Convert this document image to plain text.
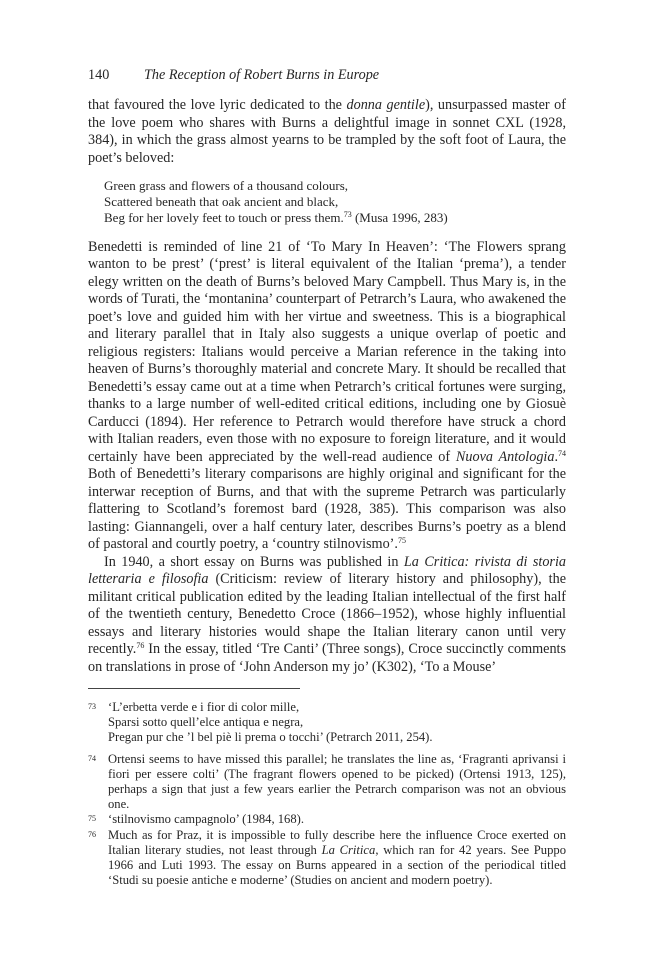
140 The Reception of Robert Burns in Europe

that favoured the love lyric dedicated to the donna gentile), unsurpassed master of the love poem who shares with Burns a delightful image in sonnet CXL (1928, 384), in which the grass almost yearns to be trampled by the soft foot of Laura, the poet’s beloved:

Green grass and flowers of a thousand colours,
Scattered beneath that oak ancient and black,
Beg for her lovely feet to touch or press them.$^{73}$ (Musa 1996, 283)

Benedetti is reminded of line 21 of ‘To Mary In Heaven’: ‘The Flowers sprang wanton to be prest’ (‘prest’ is literal equivalent of the Italian ‘prema’), a tender elegy written on the death of Burns’s beloved Mary Campbell. Thus Mary is, in the words of Turati, the ‘montanina’ counterpart of Petrarch’s Laura, who awakened the poet’s love and guided him with her virtue and sweetness. This is a biographical and literary parallel that in Italy also suggests a unique overlap of poetic and religious registers: Italians would perceive a Marian reference in the taking into heaven of Burns’s thoroughly material and concrete Mary. It should be recalled that Benedetti’s essay came out at a time when Petrarch’s critical fortunes were surging, thanks to a large number of well-edited critical editions, including one by Giosuè Carducci (1894). Her reference to Petrarch would therefore have struck a chord with Italian readers, even those with no exposure to foreign literature, and it would certainly have been appreciated by the well-read audience of Nuova Antologia.$^{74}$ Both of Benedetti’s literary comparisons are highly original and significant for the interwar reception of Burns, and that with the supreme Petrarch was particularly flattering to Scotland’s foremost bard (1928, 385). This comparison was also lasting: Giannangeli, over a half century later, describes Burns’s poetry as a blend of pastoral and courtly poetry, a ‘country stilnovismo’.$^{75}$

In 1940, a short essay on Burns was published in La Critica: rivista di storia letteraria e filosofia (Criticism: review of literary history and philosophy), the militant critical publication edited by the leading Italian intellectual of the first half of the twentieth century, Benedetto Croce (1866–1952), whose highly influential essays and literary histories would shape the Italian literary canon until very recently.$^{76}$ In the essay, titled ‘Tre Canti’ (Three songs), Croce succinctly comments on translations in prose of ‘John Anderson my jo’ (K302), ‘To a Mouse’

73 ‘L’erbetta verde e i fior di color mille,
Sparsi sotto quell’elce antiqua e negra,
Pregan pur che ’l bel piè li prema o tocchi’ (Petrarch 2011, 254).
74 Ortensi seems to have missed this parallel; he translates the line as, ‘Fragranti aprivansi i fiori per essere colti’ (The fragrant flowers opened to be picked) (Ortensi 1913, 125), perhaps a sign that just a few years earlier the Petrarch comparison was not an obvious one.
75 ‘stilnovismo campagnolo’ (1984, 168).
76 Much as for Praz, it is impossible to fully describe here the influence Croce exerted on Italian literary studies, not least through La Critica, which ran for 42 years. See Puppo 1966 and Luti 1993. The essay on Burns appeared in a section of the periodical titled ‘Studi su poesie antiche e moderne’ (Studies on ancient and modern poetry).
